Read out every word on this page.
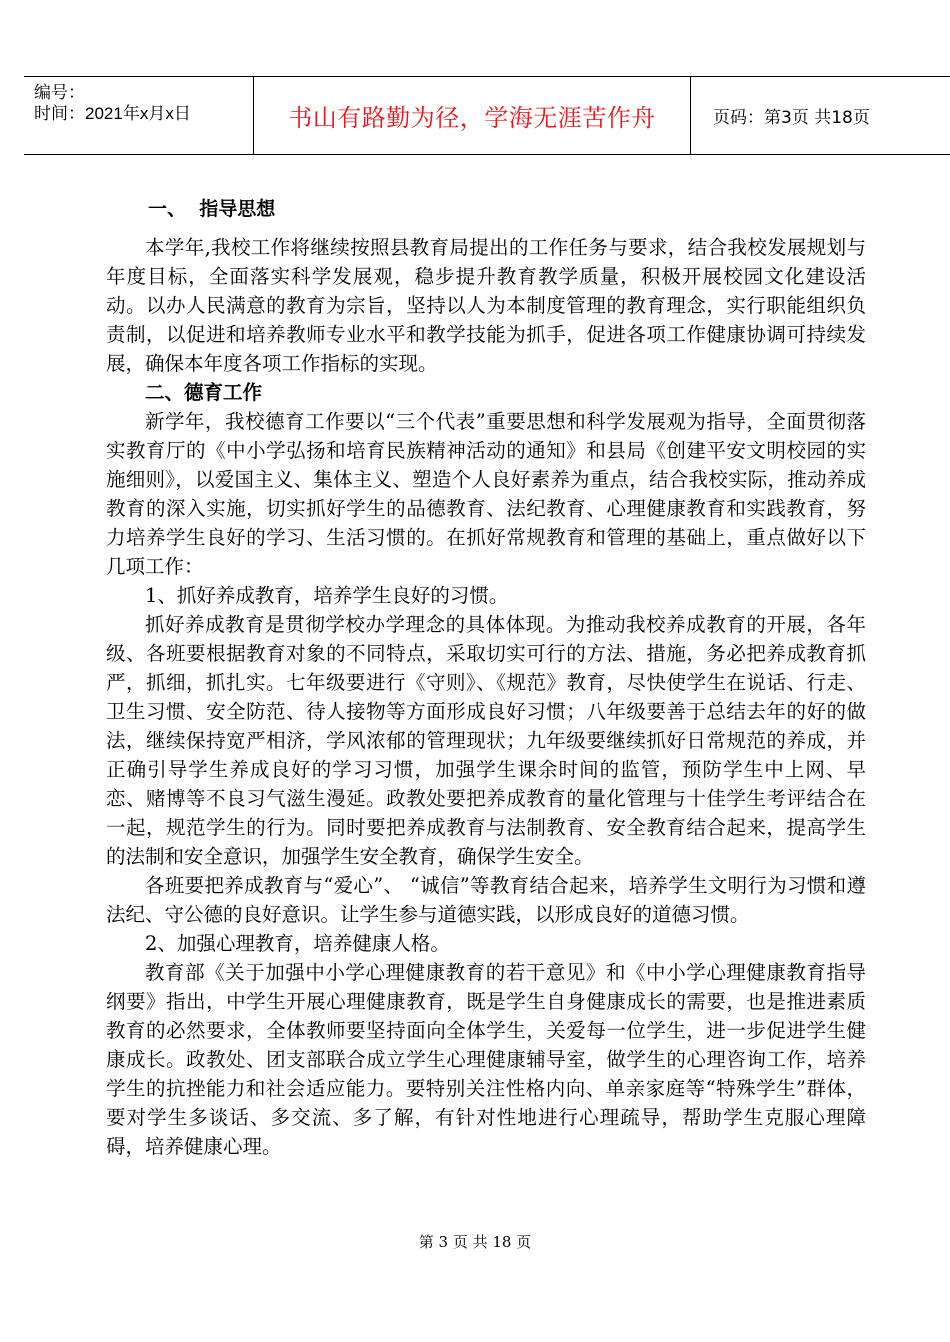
编号：
时间：2021年x月x日	书山有路勤为径，学海无涯苦作舟	页码：第3页 共18页
一、  指导思想

本学年,我校工作将继续按照县教育局提出的工作任务与要求，结合我校发展规划与年度目标，全面落实科学发展观，稳步提升教育教学质量，积极开展校园文化建设活动。以办人民满意的教育为宗旨，坚持以人为本制度管理的教育理念，实行职能组织负责制，以促进和培养教师专业水平和教学技能为抓手，促进各项工作健康协调可持续发展，确保本年度各项工作指标的实现。

二、德育工作

新学年，我校德育工作要以“三个代表”重要思想和科学发展观为指导，全面贯彻落实教育厅的《中小学弘扬和培育民族精神活动的通知》和县局《创建平安文明校园的实施细则》，以爱国主义、集体主义、塑造个人良好素养为重点，结合我校实际，推动养成教育的深入实施，切实抓好学生的品德教育、法纪教育、心理健康教育和实践教育，努力培养学生良好的学习、生活习惯的。在抓好常规教育和管理的基础上，重点做好以下几项工作：

1、抓好养成教育，培养学生良好的习惯。

抓好养成教育是贯彻学校办学理念的具体体现。为推动我校养成教育的开展，各年级、各班要根据教育对象的不同特点，采取切实可行的方法、措施，务必把养成教育抓严，抓细，抓扎实。七年级要进行《守则》、《规范》教育，尽快使学生在说话、行走、卫生习惯、安全防范、待人接物等方面形成良好习惯；八年级要善于总结去年的好的做法，继续保持宽严相济，学风浓郁的管理现状；九年级要继续抓好日常规范的养成，并正确引导学生养成良好的学习习惯，加强学生课余时间的监管，预防学生中上网、早恋、赌博等不良习气滋生漫延。政教处要把养成教育的量化管理与十佳学生考评结合在一起，规范学生的行为。同时要把养成教育与法制教育、安全教育结合起来，提高学生的法制和安全意识，加强学生安全教育，确保学生安全。

各班要把养成教育与“爱心”、 “诚信”等教育结合起来，培养学生文明行为习惯和遵法纪、守公德的良好意识。让学生参与道德实践，以形成良好的道德习惯。

2、加强心理教育，培养健康人格。

教育部《关于加强中小学心理健康教育的若干意见》和《中小学心理健康教育指导纲要》指出，中学生开展心理健康教育，既是学生自身健康成长的需要，也是推进素质教育的必然要求，全体教师要坚持面向全体学生，关爱每一位学生，进一步促进学生健康成长。政教处、团支部联合成立学生心理健康辅导室，做学生的心理咨询工作，培养学生的抗挫能力和社会适应能力。要特别关注性格内向、单亲家庭等“特殊学生”群体，要对学生多谈话、多交流、多了解，有针对性地进行心理疏导，帮助学生克服心理障碍，培养健康心理。

第 3 页 共 18 页
